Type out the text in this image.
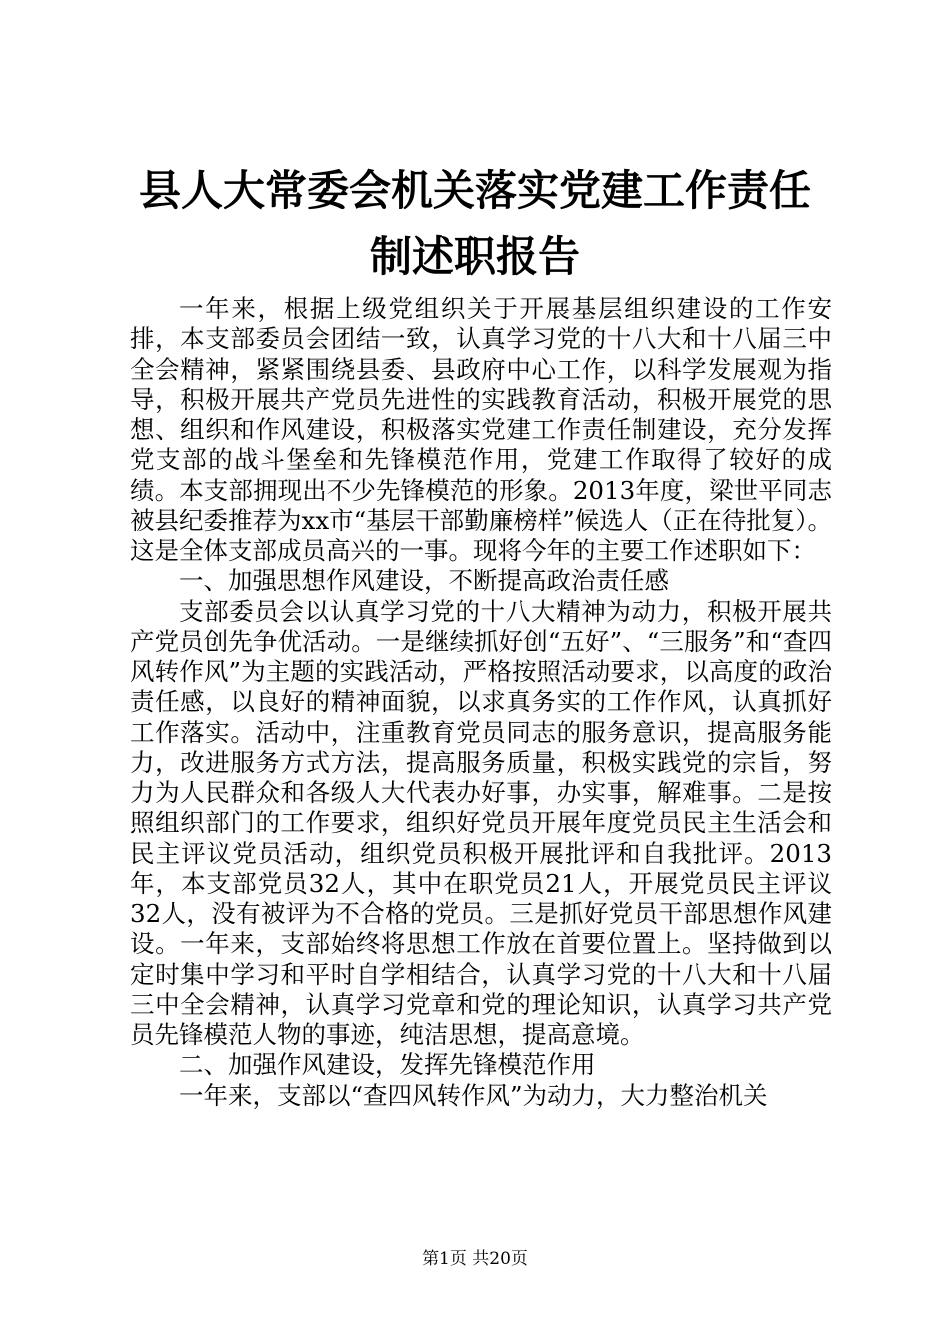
县人大常委会机关落实党建工作责任制述职报告

一年来，根据上级党组织关于开展基层组织建设的工作安排，本支部委员会团结一致，认真学习党的十八大和十八届三中全会精神，紧紧围绕县委、县政府中心工作，以科学发展观为指导，积极开展共产党员先进性的实践教育活动，积极开展党的思想、组织和作风建设，积极落实党建工作责任制建设，充分发挥党支部的战斗堡垒和先锋模范作用，党建工作取得了较好的成绩。本支部拥现出不少先锋模范的形象。2013年度，梁世平同志被县纪委推荐为xx市“基层干部勤廉榜样”候选人（正在待批复）。这是全体支部成员高兴的一事。现将今年的主要工作述职如下：

一、加强思想作风建设，不断提高政治责任感

支部委员会以认真学习党的十八大精神为动力，积极开展共产党员创先争优活动。一是继续抓好创“五好”、“三服务”和“查四风转作风”为主题的实践活动，严格按照活动要求，以高度的政治责任感，以良好的精神面貌，以求真务实的工作作风，认真抓好工作落实。活动中，注重教育党员同志的服务意识，提高服务能力，改进服务方式方法，提高服务质量，积极实践党的宗旨，努力为人民群众和各级人大代表办好事，办实事，解难事。二是按照组织部门的工作要求，组织好党员开展年度党员民主生活会和民主评议党员活动，组织党员积极开展批评和自我批评。2013年，本支部党员32人，其中在职党员21人，开展党员民主评议32人，没有被评为不合格的党员。三是抓好党员干部思想作风建设。一年来，支部始终将思想工作放在首要位置上。坚持做到以定时集中学习和平时自学相结合，认真学习党的十八大和十八届三中全会精神，认真学习党章和党的理论知识，认真学习共产党员先锋模范人物的事迹，纯洁思想，提高意境。

二、加强作风建设，发挥先锋模范作用

一年来，支部以“查四风转作风”为动力，大力整治机关

第1页 共20页
